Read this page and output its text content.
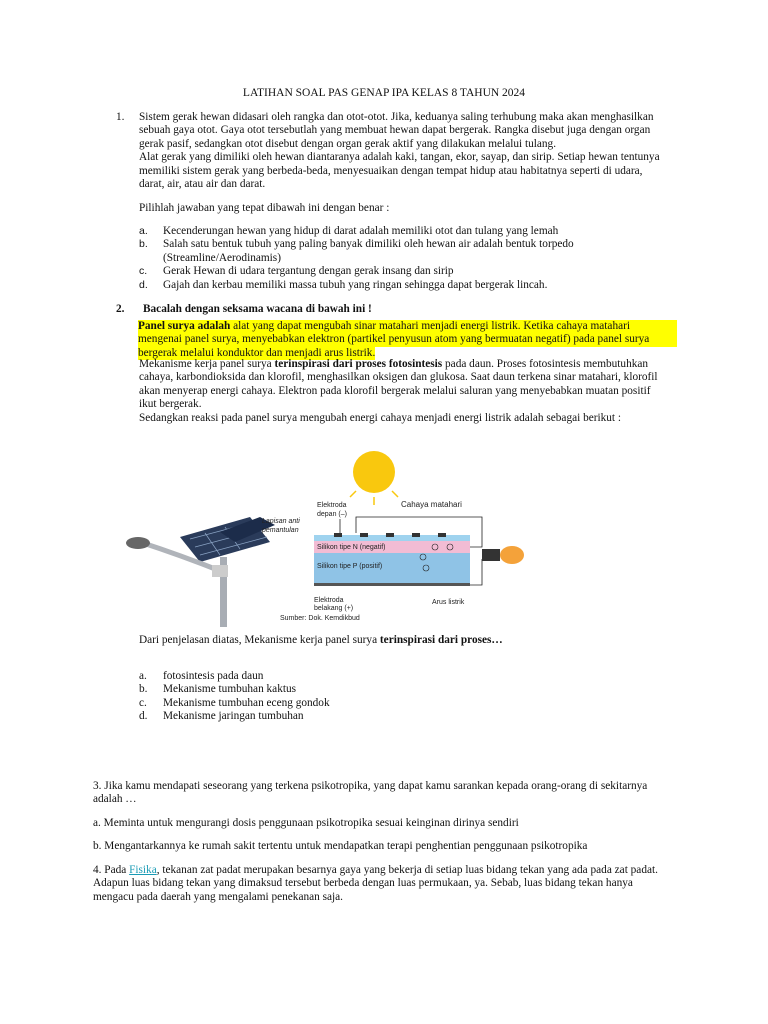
LATIHAN SOAL PAS GENAP IPA KELAS 8 TAHUN 2024
1.	Sistem gerak hewan didasari oleh rangka dan otot-otot. Jika, keduanya saling terhubung maka akan menghasilkan
sebuah gaya otot. Gaya otot tersebutlah yang membuat hewan dapat bergerak. Rangka disebut juga dengan organ
gerak pasif, sedangkan otot disebut dengan organ gerak aktif yang dilakukan melalui tulang.
Alat gerak yang dimiliki oleh hewan diantaranya adalah kaki, tangan, ekor, sayap, dan sirip. Setiap hewan tentunya
memiliki sistem gerak yang berbeda-beda, menyesuaikan dengan tempat hidup atau habitatnya seperti di udara,
darat, air, atau air dan darat.
Pilihlah jawaban yang tepat dibawah ini dengan benar :
a.	Kecenderungan hewan yang hidup di darat adalah memiliki otot dan tulang yang lemah
b.	Salah satu bentuk tubuh yang paling banyak dimiliki oleh hewan air adalah bentuk torpedo
(Streamline/Aerodinamis)
c.	Gerak Hewan di udara tergantung dengan gerak insang dan sirip
d.	Gajah dan kerbau memiliki massa tubuh yang ringan sehingga dapat bergerak lincah.
2.	Bacalah dengan seksama wacana di bawah ini !
Panel surya adalah alat yang dapat mengubah sinar matahari menjadi energi listrik. Ketika cahaya matahari
mengenai panel surya, menyebabkan elektron (partikel penyusun atom yang bermuatan negatif) pada panel surya
bergerak melalui konduktor dan menjadi arus listrik.
Mekanisme kerja panel surya terinspirasi dari proses fotosintesis pada daun. Proses fotosintesis membutuhkan
cahaya, karbondioksida dan klorofil, menghasilkan oksigen dan glukosa. Saat daun terkena sinar matahari, klorofil
akan menyerap energi cahaya. Elektron pada klorofil bergerak melalui saluran yang menyebabkan muatan positif
ikut bergerak.
Sedangkan reaksi pada panel surya mengubah energi cahaya menjadi energi listrik adalah sebagai berikut :
Elektroda
depan (–)
Cahaya matahari
Lapisan anti
pemantulan
Silikon tipe N (negatif)
Silikon tipe P (positif)
Elektroda
belakang (+)
Arus listrik
Sumber: Dok. Kemdikbud
Dari penjelasan diatas, Mekanisme kerja panel surya terinspirasi dari proses…
a.	fotosintesis pada daun
b.	Mekanisme tumbuhan kaktus
c.	Mekanisme tumbuhan eceng gondok
d.	Mekanisme jaringan tumbuhan
3. Jika kamu mendapati seseorang yang terkena psikotropika, yang dapat kamu sarankan kepada orang-orang di sekitarnya
adalah …
a. Meminta untuk mengurangi dosis penggunaan psikotropika sesuai keinginan dirinya sendiri
b. Mengantarkannya ke rumah sakit tertentu untuk mendapatkan terapi penghentian penggunaan psikotropika
4. Pada Fisika, tekanan zat padat merupakan besarnya gaya yang bekerja di setiap luas bidang tekan yang ada pada zat padat.
Adapun luas bidang tekan yang dimaksud tersebut berbeda dengan luas permukaan, ya. Sebab, luas bidang tekan hanya
mengacu pada daerah yang mengalami penekanan saja.
